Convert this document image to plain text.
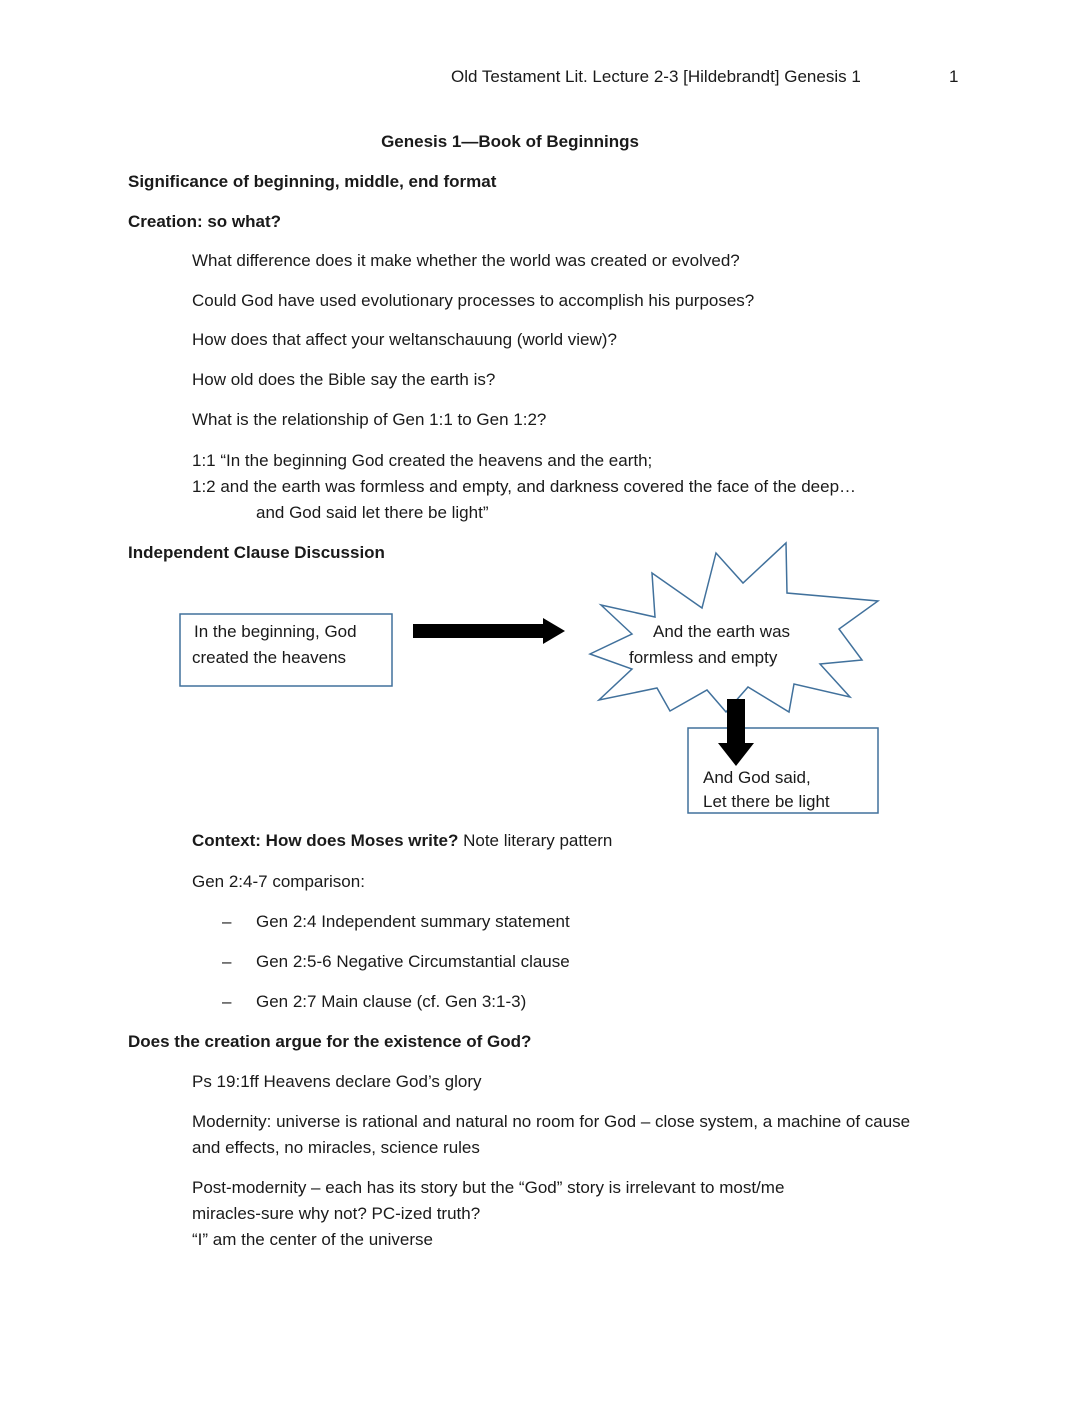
Old Testament Lit. Lecture 2-3 [Hildebrandt] Genesis 1	1
Genesis 1—Book of Beginnings
Significance of beginning, middle, end format
Creation: so what?
What difference does it make whether the world was created or evolved?
Could God have used evolutionary processes to accomplish his purposes?
How does that affect your weltanschauung (world view)?
How old does the Bible say the earth is?
What is the relationship of Gen 1:1 to Gen 1:2?
1:1 “In the beginning God created the heavens and the earth;
1:2 and the earth was formless and empty, and darkness covered the face of the deep…
and God said let there be light”
Independent Clause Discussion
In the beginning, God
created the heavens
And the earth was
formless and empty
And God said,
Let there be light
Context: How does Moses write? Note literary pattern
Gen 2:4-7 comparison:
– Gen 2:4 Independent summary statement
– Gen 2:5-6 Negative Circumstantial clause
– Gen 2:7 Main clause (cf. Gen 3:1-3)
Does the creation argue for the existence of God?
Ps 19:1ff Heavens declare God’s glory
Modernity: universe is rational and natural no room for God – close system, a machine of cause
and effects, no miracles, science rules
Post-modernity – each has its story but the “God” story is irrelevant to most/me
miracles-sure why not? PC-ized truth?
“I” am the center of the universe
